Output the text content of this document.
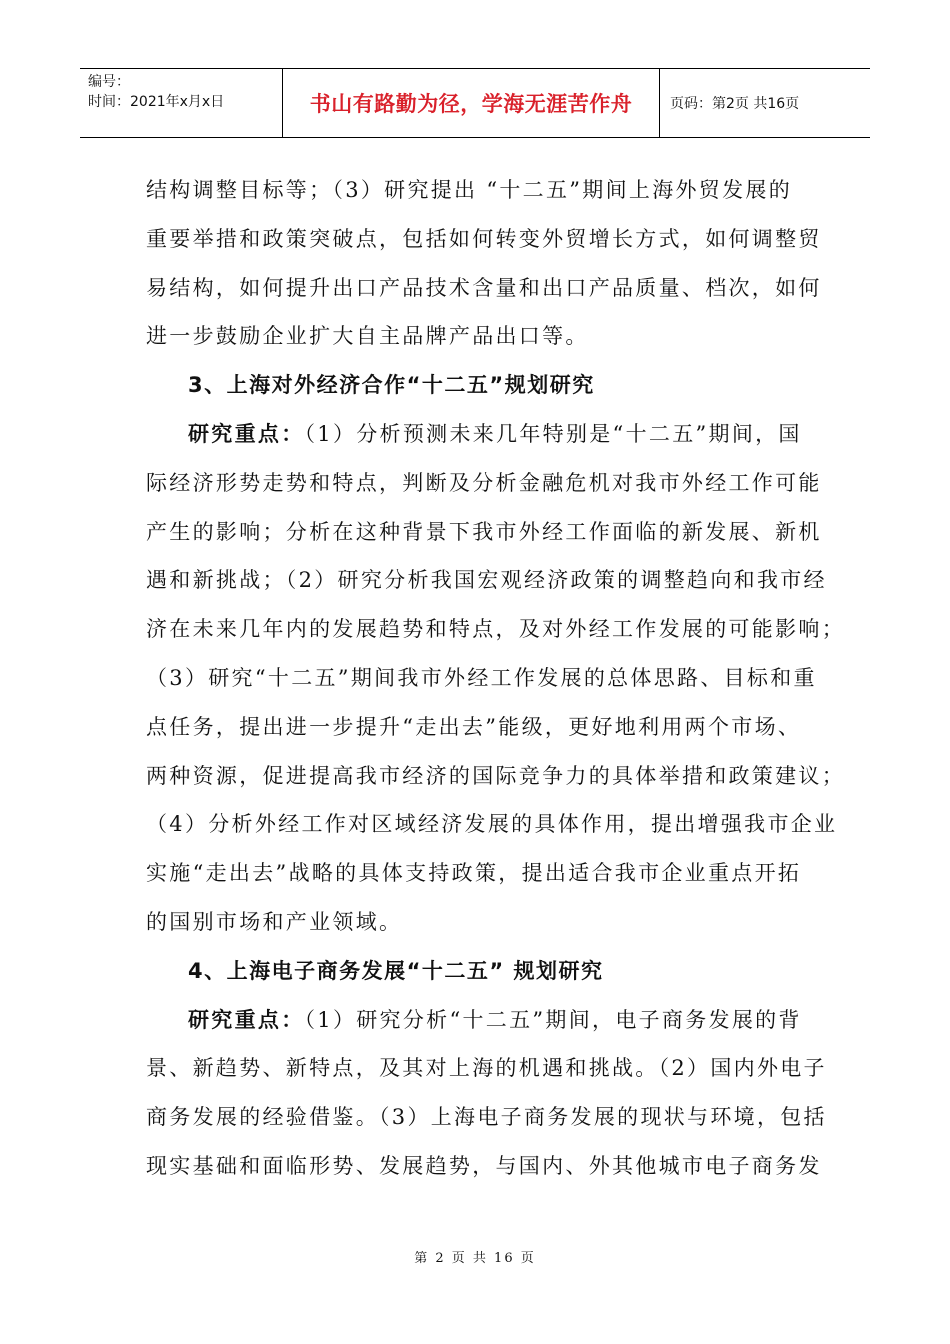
编号：
时间：2021年x月x日	书山有路勤为径，学海无涯苦作舟	页码：第2页 共16页
结构调整目标等；（3）研究提出 “十二五”期间上海外贸发展的
重要举措和政策突破点，包括如何转变外贸增长方式，如何调整贸
易结构，如何提升出口产品技术含量和出口产品质量、档次，如何
进一步鼓励企业扩大自主品牌产品出口等。
3、上海对外经济合作“十二五”规划研究
研究重点：（1）分析预测未来几年特别是“十二五”期间，国
际经济形势走势和特点，判断及分析金融危机对我市外经工作可能
产生的影响；分析在这种背景下我市外经工作面临的新发展、新机
遇和新挑战；（2）研究分析我国宏观经济政策的调整趋向和我市经
济在未来几年内的发展趋势和特点，及对外经工作发展的可能影响；
（3）研究“十二五”期间我市外经工作发展的总体思路、目标和重
点任务，提出进一步提升“走出去”能级，更好地利用两个市场、
两种资源，促进提高我市经济的国际竞争力的具体举措和政策建议；
（4）分析外经工作对区域经济发展的具体作用，提出增强我市企业
实施“走出去”战略的具体支持政策，提出适合我市企业重点开拓
的国别市场和产业领域。
4、上海电子商务发展“十二五” 规划研究
研究重点：（1）研究分析“十二五”期间，电子商务发展的背
景、新趋势、新特点，及其对上海的机遇和挑战。（2）国内外电子
商务发展的经验借鉴。（3）上海电子商务发展的现状与环境，包括
现实基础和面临形势、发展趋势，与国内、外其他城市电子商务发
第 2 页 共 16 页
